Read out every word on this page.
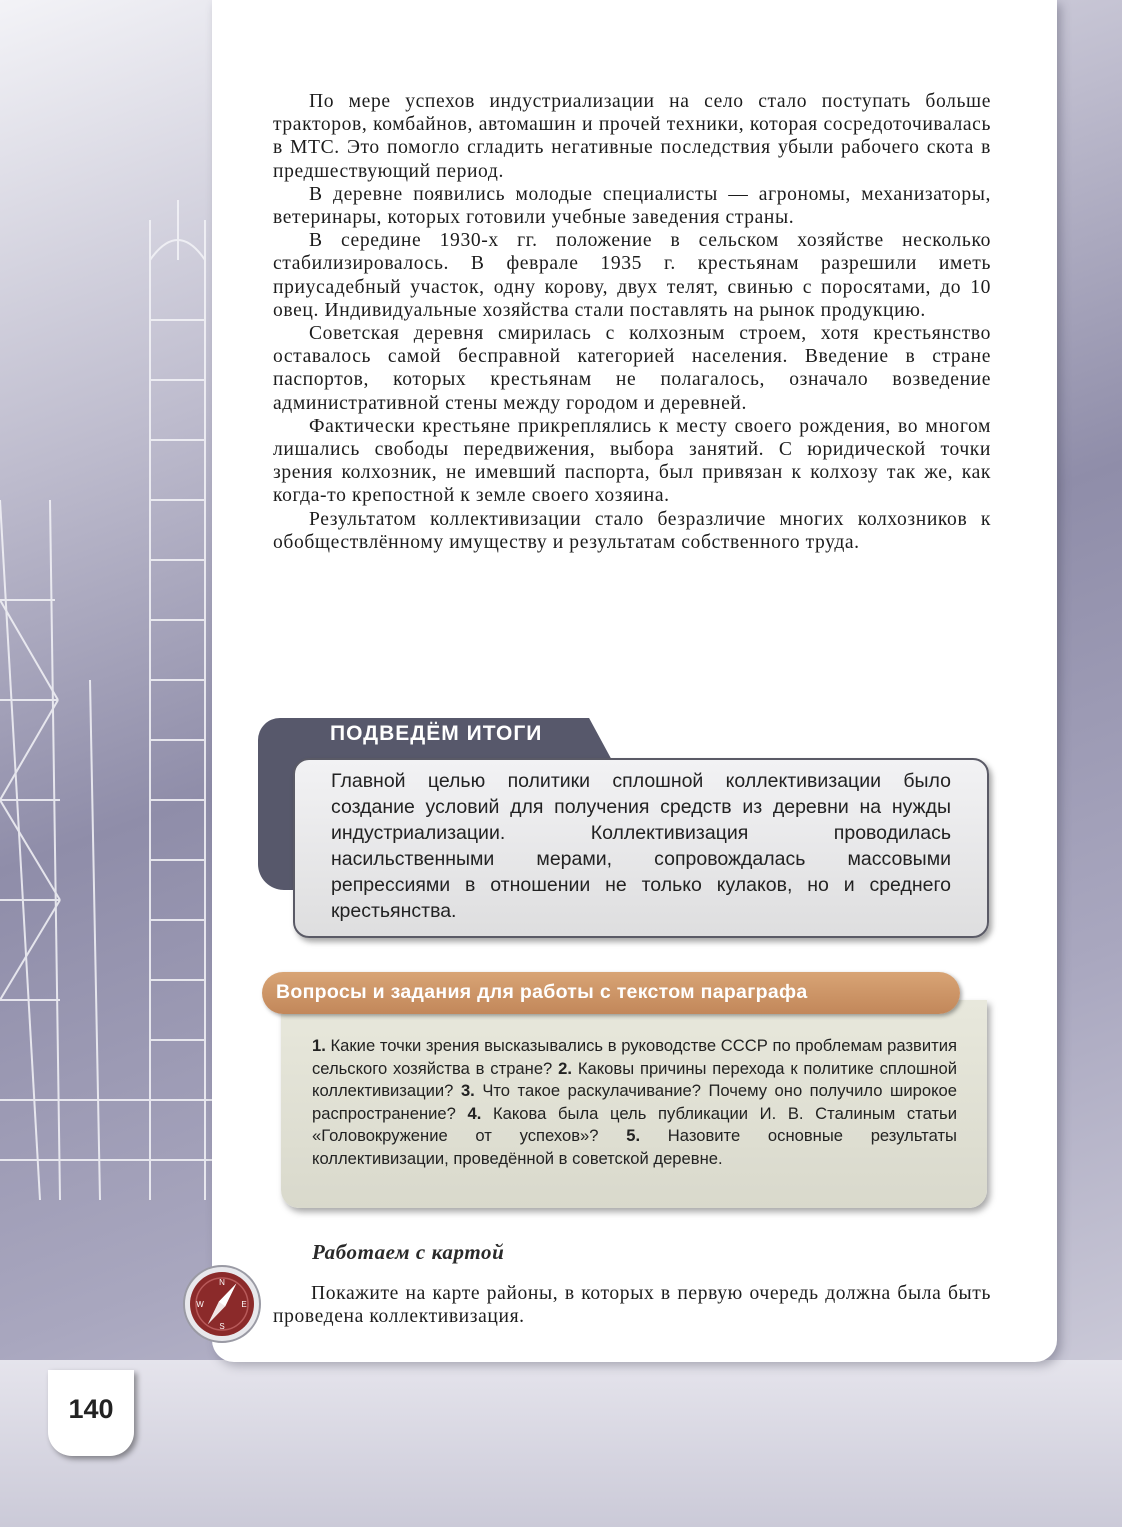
По мере успехов индустриализации на село стало поступать больше тракторов, комбайнов, автомашин и прочей техники, которая сосредоточивалась в МТС. Это помогло сгладить негативные последствия убыли рабочего скота в предшествующий период.

В деревне появились молодые специалисты — агрономы, механизаторы, ветеринары, которых готовили учебные заведения страны.

В середине 1930-х гг. положение в сельском хозяйстве несколько стабилизировалось. В феврале 1935 г. крестьянам разрешили иметь приусадебный участок, одну корову, двух телят, свинью с поросятами, до 10 овец. Индивидуальные хозяйства стали поставлять на рынок продукцию.

Советская деревня смирилась с колхозным строем, хотя крестьянство оставалось самой бесправной категорией населения. Введение в стране паспортов, которых крестьянам не полагалось, означало возведение административной стены между городом и деревней.

Фактически крестьяне прикреплялись к месту своего рождения, во многом лишались свободы передвижения, выбора занятий. С юридической точки зрения колхозник, не имевший паспорта, был привязан к колхозу так же, как когда-то крепостной к земле своего хозяина.

Результатом коллективизации стало безразличие многих колхозников к обобществлённому имуществу и результатам собственного труда.

ПОДВЕДЁМ ИТОГИ
Главной целью политики сплошной коллективизации было создание условий для получения средств из деревни на нужды индустриализации. Коллективизация проводилась насильственными мерами, сопровождалась массовыми репрессиями в отношении не только кулаков, но и среднего крестьянства.
Вопросы и задания для работы с текстом параграфа
1. Какие точки зрения высказывались в руководстве СССР по проблемам развития сельского хозяйства в стране? 2. Каковы причины перехода к политике сплошной коллективизации? 3. Что такое раскулачивание? Почему оно получило широкое распространение? 4. Какова была цель публикации И. В. Сталиным статьи «Головокружение от успехов»? 5. Назовите основные результаты коллективизации, проведённой в советской деревне.
Работаем с картой
N
S
E
W

Покажите на карте районы, в которых в первую очередь должна была быть проведена коллективизация.

140
